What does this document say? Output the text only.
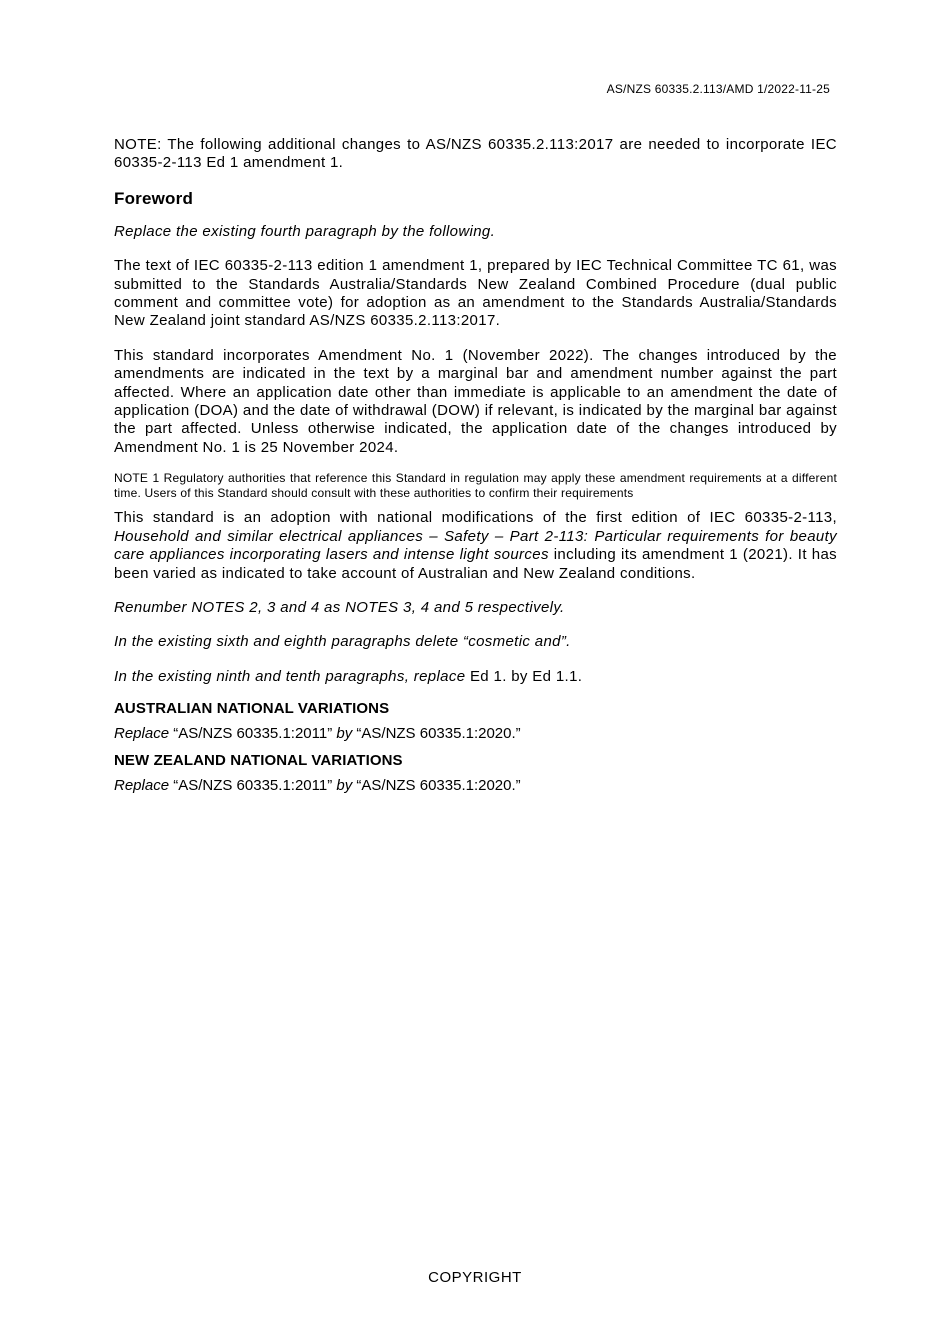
AS/NZS 60335.2.113/AMD 1/2022-11-25

NOTE: The following additional changes to AS/NZS 60335.2.113:2017 are needed to incorporate IEC 60335-2-113 Ed 1 amendment 1.

Foreword

Replace the existing fourth paragraph by the following.

The text of IEC 60335-2-113 edition 1 amendment 1, prepared by IEC Technical Committee TC 61, was submitted to the Standards Australia/Standards New Zealand Combined Procedure (dual public comment and committee vote) for adoption as an amendment to the Standards Australia/Standards New Zealand joint standard AS/NZS 60335.2.113:2017.

This standard incorporates Amendment No. 1 (November 2022). The changes introduced by the amendments are indicated in the text by a marginal bar and amendment number against the part affected. Where an application date other than immediate is applicable to an amendment the date of application (DOA) and the date of withdrawal (DOW) if relevant, is indicated by the marginal bar against the part affected. Unless otherwise indicated, the application date of the changes introduced by Amendment No. 1 is 25 November 2024.

NOTE 1 Regulatory authorities that reference this Standard in regulation may apply these amendment requirements at a different time. Users of this Standard should consult with these authorities to confirm their requirements

This standard is an adoption with national modifications of the first edition of IEC 60335-2-113, Household and similar electrical appliances – Safety – Part 2-113: Particular requirements for beauty care appliances incorporating lasers and intense light sources including its amendment 1 (2021). It has been varied as indicated to take account of Australian and New Zealand conditions.

Renumber NOTES 2, 3 and 4 as NOTES 3, 4 and 5 respectively.

In the existing sixth and eighth paragraphs delete “cosmetic and”.

In the existing ninth and tenth paragraphs, replace Ed 1. by Ed 1.1.

AUSTRALIAN NATIONAL VARIATIONS

Replace “AS/NZS 60335.1:2011” by “AS/NZS 60335.1:2020.”

NEW ZEALAND NATIONAL VARIATIONS

Replace “AS/NZS 60335.1:2011” by “AS/NZS 60335.1:2020.”

COPYRIGHT
